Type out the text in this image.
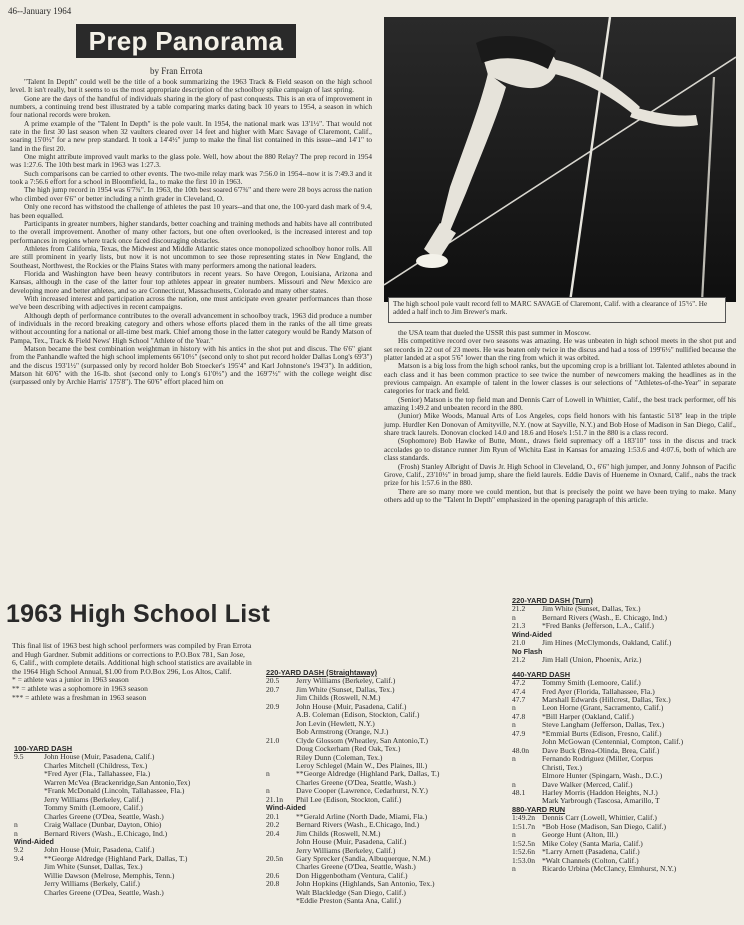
46--January 1964
Prep Panorama
by Fran Errota

"Talent In Depth" could well be the title of a book summarizing the 1963 Track & Field season on the high school level. It isn't really, but it seems to us the most appropriate description of the schoolboy spike campaign of last spring.

Gone are the days of the handful of individuals sharing in the glory of past conquests. This is an era of improvement in numbers, a continuing trend best illustrated by a table comparing marks dating back 10 years to 1954, a season in which four national records were broken.

A prime example of the "Talent In Depth" is the pole vault. In 1954, the national mark was 13'1½". That would not rate in the first 30 last season when 32 vaulters cleared over 14 feet and higher with Marc Savage of Claremont, Calif., soaring 15'0½" for a new prep standard. It took a 14'4½" jump to make the final list contained in this issue--and 14'1" to land in the first 20.

One might attribute improved vault marks to the glass pole. Well, how about the 880 Relay? The prep record in 1954 was 1:27.6. The 10th best mark in 1963 was 1:27.3.

Such comparisons can be carried to other events. The two-mile relay mark was 7:56.0 in 1954--now it is 7:49.3 and it took a 7:56.6 effort for a school in Bloomfield, Ia., to make the first 10 in 1963.

The high jump record in 1954 was 6'7¾". In 1963, the 10th best soared 6'7¾" and there were 28 boys across the nation who climbed over 6'6" or better including a ninth grader in Cleveland, O.

Only one record has withstood the challenge of athletes the past 10 years--and that one, the 100-yard dash mark of 9.4, has been equalled.

Participants in greater numbers, higher standards, better coaching and training methods and habits have all contributed to the overall improvement. Another of many other factors, but one often overlooked, is the increased interest and top performances in regions where track once faced discouraging obstacles.

Athletes from California, Texas, the Midwest and Middle Atlantic states once monopolized schoolboy honor rolls. All are still prominent in yearly lists, but now it is not uncommon to see those representing states in New England, the Southeast, Northwest, the Rockies or the Plains States with many performers among the national leaders.

Florida and Washington have been heavy contributors in recent years. So have Oregon, Louisiana, Arizona and Kansas, although in the case of the latter four top athletes appear in greater numbers. Missouri and New Mexico are developing more and better athletes, and so are Connecticut, Massachusetts, Colorado and many other states.

With increased interest and participation across the nation, one must anticipate even greater performances than those we've been describing with adjectives in recent campaigns.

Although depth of performance contributes to the overall advancement in schoolboy track, 1963 did produce a number of individuals in the record breaking category and others whose efforts placed them in the ranks of the all time greats without accounting for a national or all-time best mark. Chief among those in the latter category would be Randy Matson of Pampa, Tex., Track & Field News' High School "Athlete of the Year."

Matson became the best combination weightman in history with his antics in the shot put and discus. The 6'6" giant from the Panhandle wafted the high school implements 66'10½" (second only to shot put record holder Dallas Long's 69'3") and the discus 193'1½" (surpassed only by record holder Bob Stoecker's 195'4" and Karl Johnstone's 194'3"). In addition, Matson hit 60'6" with the 16-lb. shot (second only to Long's 61'0½") and the 169'7½" with the college weight disc (surpassed only by Archie Harris' 175'8"). The 60'6" effort placed him on

The high school pole vault record fell to MARC SAVAGE of Claremont, Calif. with a clearance of 15'½". He added a half inch to Jim Brewer's mark.

the USA team that dueled the USSR this past summer in Moscow.

His competitive record over two seasons was amazing. He was unbeaten in high school meets in the shot put and set records in 22 out of 23 meets. He was beaten only twice in the discus and had a toss of 199'6½" nullified because the platter landed at a spot 5'6" lower than the ring from which it was orbited.

Matson is a big loss from the high school ranks, but the upcoming crop is a brilliant lot. Talented athletes abound in each class and it has been common practice to see twice the number of newcomers making the headlines as in the previous campaign. An example of talent in the lower classes is our selections of "Athletes-of-the-Year" in separate categories for track and field.

(Senior) Matson is the top field man and Dennis Carr of Lowell in Whittier, Calif., the best track performer, off his amazing 1:49.2 and unbeaten record in the 880.

(Junior) Mike Woods, Manual Arts of Los Angeles, cops field honors with his fantastic 51'8" leap in the triple jump. Hurdler Ken Donovan of Amityville, N.Y. (now at Sayville, N.Y.) and Bob Hose of Madison in San Diego, Calif., share track laurels. Donovan clocked 14.0 and 18.6 and Hose's 1:51.7 in the 880 is a class record.

(Sophomore) Bob Hawke of Butte, Mont., draws field supremacy off a 183'10" toss in the discus and track accolades go to distance runner Jim Ryun of Wichita East in Kansas for amazing 1:53.6 and 4:07.6, both of which are class standards.

(Frosh) Stanley Albright of Davis Jr. High School in Cleveland, O., 6'6" high jumper, and Jonny Johnson of Pacific Grove, Calif., 23'10½" in broad jump, share the field laurels. Eddie Davis of Hueneme in Oxnard, Calif., nabs the track prize for his 1:57.6 in the 880.

There are so many more we could mention, but that is precisely the point we have been trying to make. Many others add up to the "Talent In Depth" emphasized in the opening paragraph of this article.

1963 High School List

This final list of 1963 best high school performers was compiled by Fran Errota and Hugh Gardner. Submit additions or corrections to P.O.Box 781, San Jose, 6, Calif., with complete details. Additional high school statistics are available in the 1964 High School Annual, $1.00 from P.O.Box 296, Los Altos, Calif.

* = athlete was a junior in 1963 season

** = athlete was a sophomore in 1963 season

*** = athlete was a freshman in 1963 season

100-YARD DASH
9.5	John House (Muir, Pasadena, Calif.)
Charles Mitchell (Childress, Tex.)
*Fred Ayer (Fla., Tallahassee, Fla.)
Warren McVea (Brackenridge,San Antonio,Tex)
*Frank McDonald (Lincoln, Tallahassee, Fla.)
Jerry Williams (Berkeley, Calif.)
Tommy Smith (Lemoore, Calif.)
Charles Greene (O'Dea, Seattle, Wash.)
n	Craig Wallace (Dunbar, Dayton, Ohio)
n	Bernard Rivers (Wash., E.Chicago, Ind.)
Wind-Aided
9.2	John House (Muir, Pasadena, Calif.)
9.4	**George Aldredge (Highland Park, Dallas, T.)
Jim White (Sunset, Dallas, Tex.)
Willie Dawson (Melrose, Memphis, Tenn.)
Jerry Williams (Berkely, Calif.)
Charles Greene (O'Dea, Seattle, Wash.)
220-YARD DASH (Straightaway)
20.5	Jerry Williams (Berkeley, Calif.)
20.7	Jim White (Sunset, Dallas, Tex.)
Jim Childs (Roswell, N.M.)
20.9	John House (Muir, Pasadena, Calif.)
A.B. Coleman (Edison, Stockton, Calif.)
Jon Levin (Hewlett, N.Y.)
Bob Armstrong (Orange, N.J.)
21.0	Clyde Glossom (Wheatley, San Antonio,T.)
Doug Cockerham (Red Oak, Tex.)
Riley Dunn (Coleman, Tex.)
Leroy Schlegel (Main W., Des Plaines, Ill.)
n	**George Aldredge (Highland Park, Dallas, T.)
Charles Greene (O'Dea, Seattle, Wash.)
n	Dave Cooper (Lawrence, Cedarhurst, N.Y.)
21.1n	Phil Lee (Edison, Stockton, Calif.)
Wind-Aided
20.1	**Gerald Arline (North Dade, Miami, Fla.)
20.2	Bernard Rivers (Wash., E.Chicago, Ind.)
20.4	Jim Childs (Roswell, N.M.)
John House (Muir, Pasadena, Calif.)
Jerry Williams (Berkeley, Calif.)
20.5n	Gary Sprecker (Sandia, Albuquerque, N.M.)
Charles Greene (O'Dea, Seattle, Wash.)
20.6	Don Higgenbotham (Ventura, Calif.)
20.8	John Hopkins (Highlands, San Antonio, Tex.)
Walt Blackledge (San Diego, Calif.)
*Eddie Preston (Santa Ana, Calif.)
220-YARD DASH (Turn)
21.2	Jim White (Sunset, Dallas, Tex.)
n	Bernard Rivers (Wash., E. Chicago, Ind.)
21.3	*Fred Banks (Jefferson, L.A., Calif.)
Wind-Aided
21.0	Jim Hines (McClymonds, Oakland, Calif.)
No Flash
21.2	Jim Hall (Union, Phoenix, Ariz.)
440-YARD DASH
47.2	Tommy Smith (Lemoore, Calif.)
47.4	Fred Ayer (Florida, Tallahassee, Fla.)
47.7	Marshall Edwards (Hillcrest, Dallas, Tex.)
n	Leon Horne (Grant, Sacramento, Calif.)
47.8	*Bill Harper (Oakland, Calif.)
n	Steve Langham (Jefferson, Dallas, Tex.)
47.9	*Emmial Burts (Edison, Fresno, Calif.)
John McGowan (Centennial, Compton, Calif.)
48.0n	Dave Buck (Brea-Olinda, Brea, Calif.)
n	Fernando Rodriguez (Miller, Corpus
Christi, Tex.)
Elmore Hunter (Spingarn, Wash., D.C.)
n	Dave Walker (Merced, Calif.)
48.1	Harley Morris (Haddon Heights, N.J.)
Mark Yarbrough (Tascosa, Amarillo, T
880-YARD RUN
1:49.2n Dennis Carr (Lowell, Whittier, Calif.)
1:51.7n *Bob Hose (Madison, San Diego, Calif.)
n	George Hunt (Alton, Ill.)
1:52.5n Mike Coley (Santa Maria, Calif.)
1:52.6n *Larry Arnett (Pasadena, Calif.)
1:53.0n *Walt Channels (Colton, Calif.)
n	Ricardo Urbina (McClancy, Elmhurst, N.Y.)
